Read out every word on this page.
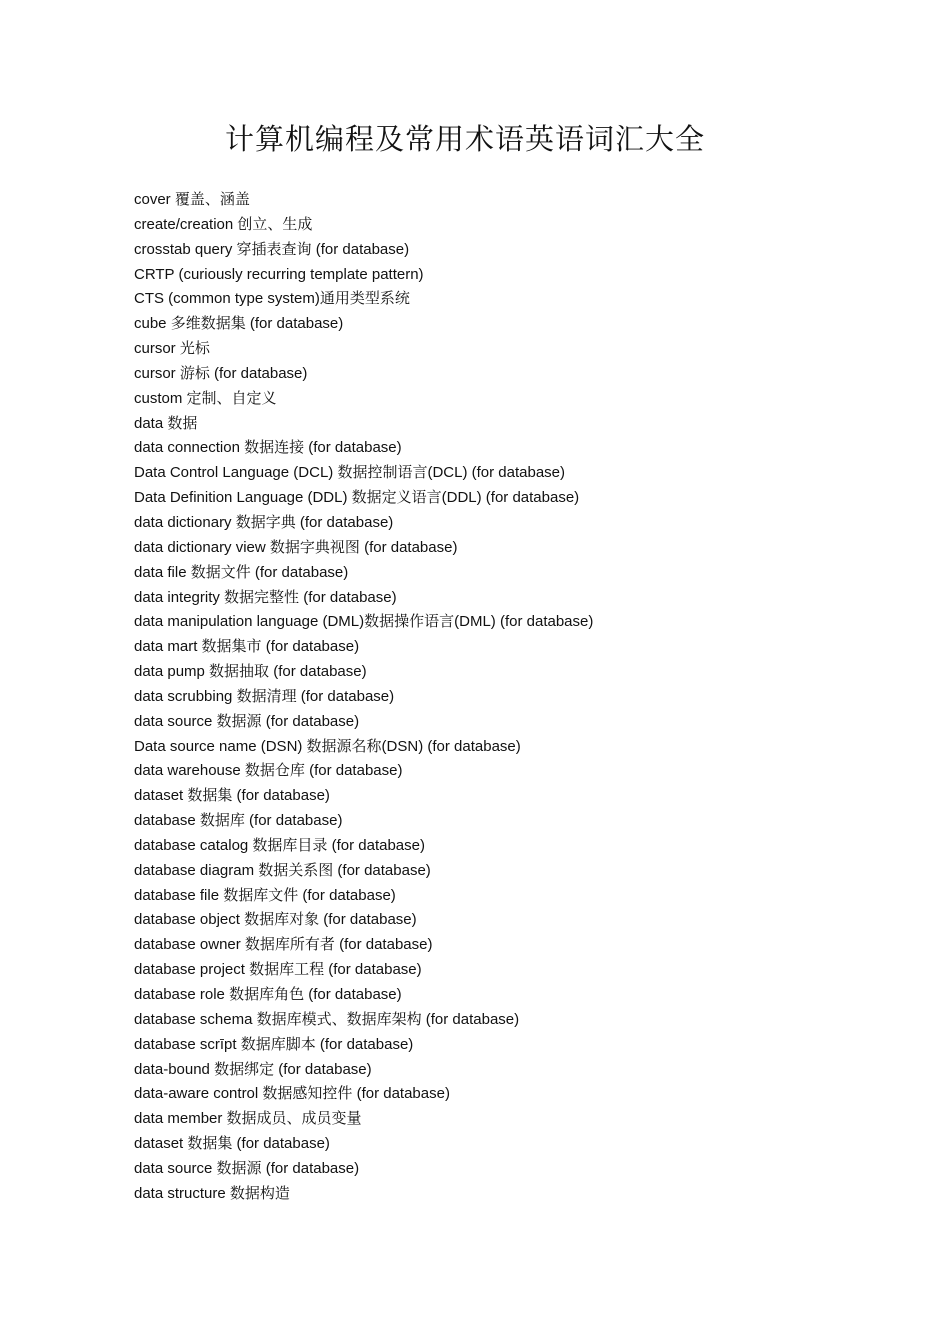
计算机编程及常用术语英语词汇大全
cover 覆盖、涵盖
create/creation 创立、生成
crosstab query 穿插表查询 (for database)
CRTP (curiously recurring template pattern)
CTS (common type system)通用类型系统
cube 多维数据集 (for database)
cursor 光标
cursor 游标 (for database)
custom 定制、自定义
data 数据
data connection 数据连接 (for database)
Data Control Language (DCL) 数据控制语言(DCL) (for database)
Data Definition Language (DDL) 数据定义语言(DDL) (for database)
data dictionary 数据字典 (for database)
data dictionary view 数据字典视图 (for database)
data file 数据文件 (for database)
data integrity 数据完整性 (for database)
data manipulation language (DML)数据操作语言(DML) (for database)
data mart 数据集市 (for database)
data pump 数据抽取 (for database)
data scrubbing 数据清理 (for database)
data source 数据源 (for database)
Data source name (DSN) 数据源名称(DSN) (for database)
data warehouse 数据仓库 (for database)
dataset 数据集 (for database)
database 数据库 (for database)
database catalog 数据库目录 (for database)
database diagram 数据关系图 (for database)
database file 数据库文件 (for database)
database object 数据库对象 (for database)
database owner 数据库所有者 (for database)
database project 数据库工程 (for database)
database role 数据库角色 (for database)
database schema 数据库模式、数据库架构 (for database)
database scrīpt 数据库脚本 (for database)
data-bound 数据绑定 (for database)
data-aware control 数据感知控件 (for database)
data member 数据成员、成员变量
dataset 数据集 (for database)
data source 数据源 (for database)
data structure 数据构造
